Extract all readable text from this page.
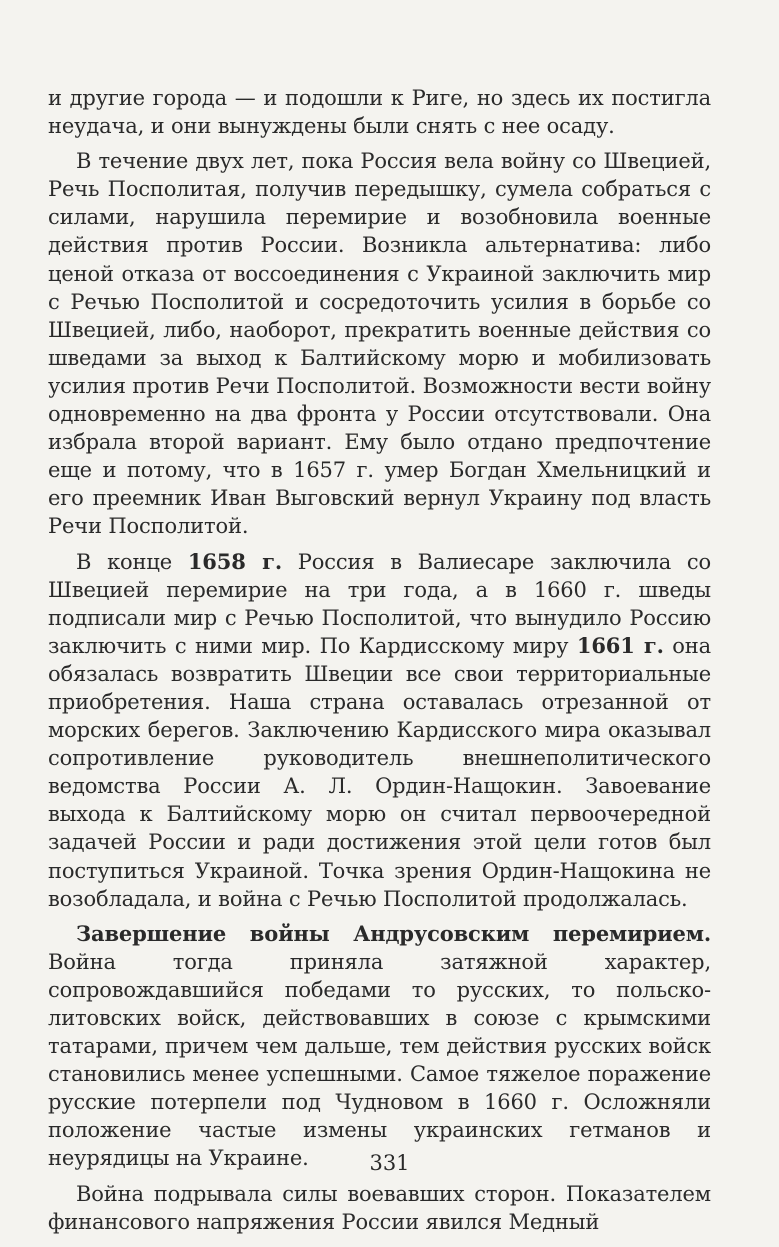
и другие города — и подошли к Риге, но здесь их постигла неудача, и они вынуждены были снять с нее осаду.

В течение двух лет, пока Россия вела войну со Швецией, Речь Посполитая, получив передышку, сумела собраться с силами, нарушила перемирие и возобновила военные действия против России. Возникла альтернатива: либо ценой отказа от воссоединения с Украиной заключить мир с Речью Посполитой и сосредоточить усилия в борьбе со Швецией, либо, наоборот, прекратить военные действия со шведами за выход к Балтийскому морю и мобилизовать усилия против Речи Посполитой. Возможности вести войну одновременно на два фронта у России отсутствовали. Она избрала второй вариант. Ему было отдано предпочтение еще и потому, что в 1657 г. умер Богдан Хмельницкий и его преемник Иван Выговский вернул Украину под власть Речи Посполитой.

В конце 1658 г. Россия в Валиесаре заключила со Швецией перемирие на три года, а в 1660 г. шведы подписали мир с Речью Посполитой, что вынудило Россию заключить с ними мир. По Кардисскому миру 1661 г. она обязалась возвратить Швеции все свои территориальные приобретения. Наша страна оставалась отрезанной от морских берегов. Заключению Кардисского мира оказывал сопротивление руководитель внешнеполитического ведомства России А. Л. Ордин-Нащокин. Завоевание выхода к Балтийскому морю он считал первоочередной задачей России и ради достижения этой цели готов был поступиться Украиной. Точка зрения Ордин-Нащокина не возобладала, и война с Речью Посполитой продолжалась.

Завершение войны Андрусовским перемирием. Война тогда приняла затяжной характер, сопровождавшийся победами то русских, то польско-литовских войск, действовавших в союзе с крымскими татарами, причем чем дальше, тем действия русских войск становились менее успешными. Самое тяжелое поражение русские потерпели под Чудновом в 1660 г. Осложняли положение частые измены украинских гетманов и неурядицы на Украине.

Война подрывала силы воевавших сторон. Показателем финансового напряжения России явился Медный

331
